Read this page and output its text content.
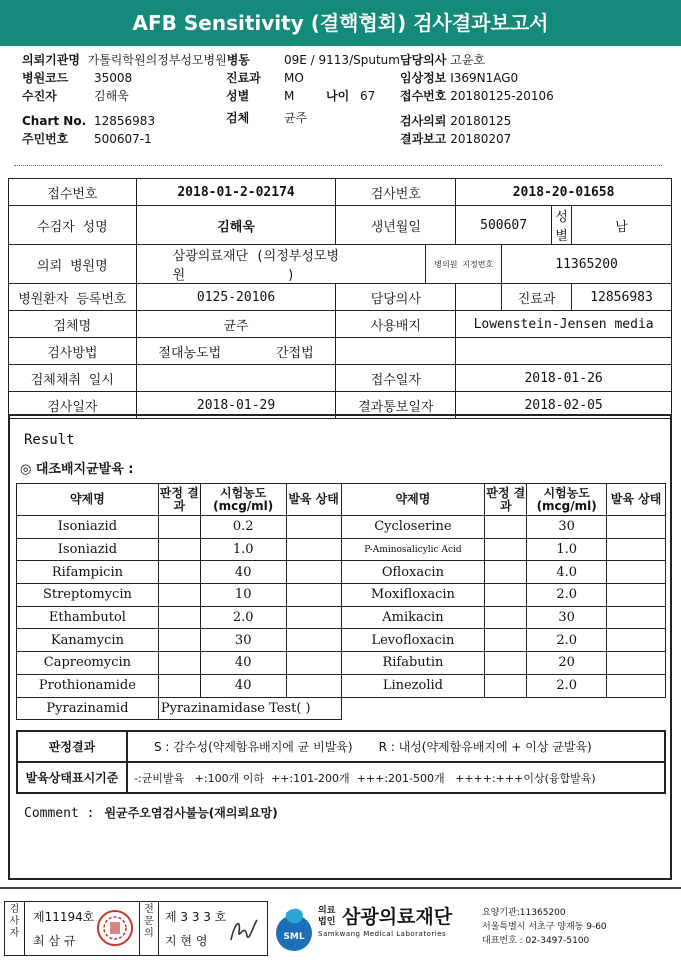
AFB Sensitivity (결핵협회) 검사결과보고서
의뢰기관명 가톨릭학원의정부성모병원병동	09E / 9113/Sputum 담당의사 고윤호
병원코드 35008	진료과 MO	임상정보 I369N1AG0
수진자	김해욱	성별	M	나이 67 접수번호 20180125-20106
Chart No. 12856983	검체	균주	검사의뢰 20180125
주민번호 500607-1	결과보고 20180207
접수번호	2018-01-2-02174	검사번호		2018-20-01658			
수검자 성명	김해욱	생년월일		500607		성별	남
의뢰 병원명	삼광의료재단 (의정부성모병원 )		병의원 지정번호		11365200		
병원환자 등록번호	0125-20106	담당의사			진료과		12856983
검체명	균주	사용배지		Lowenstein-Jensen media			
검사방법	절대농도법 간접법						
검체채취 일시		접수일자		2018-01-26			
검사일자	2018-01-29	결과통보일자		2018-02-05			
Result
◎ 대조배지균발육 :
약제명	판정 결과	시험농도 (mcg/ml)	발육 상태	약제명	판정 결과	시험농도 (mcg/ml)	발육 상태
Isoniazid		0.2		Cycloserine		30	
Isoniazid		1.0		P-Aminosalicylic Acid		1.0	
Rifampicin		40		Ofloxacin		4.0	
Streptomycin		10		Moxifloxacin		2.0	
Ethambutol		2.0		Amikacin		30	
Kanamycin		30		Levofloxacin		2.0	
Capreomycin		40		Rifabutin		20	
Prothionamide		40		Linezolid		2.0	
Pyrazinamid	Pyrazinamidase Test( )						
판정결과	S : 감수성(약제함유배지에 균 비발육) R : 내성(약제함유배지에 + 이상 균발육)
발육상태표시기준	-:균비발육   +:100개 이하  ++:101-200개  +++:201-500개   ++++:+++이상(융합발육)
Comment : 원균주오염검사불능(재의뢰요망)
검사자
제11194호
최 삼 규
전문의
제 3 3 3 호
지 현 영	SML
의료법인 삼광의료재단
Samkwang Medical Laboratories
요양기관:11365200
서울특별시 서초구 양재동 9-60
대표번호 : 02-3497-5100
